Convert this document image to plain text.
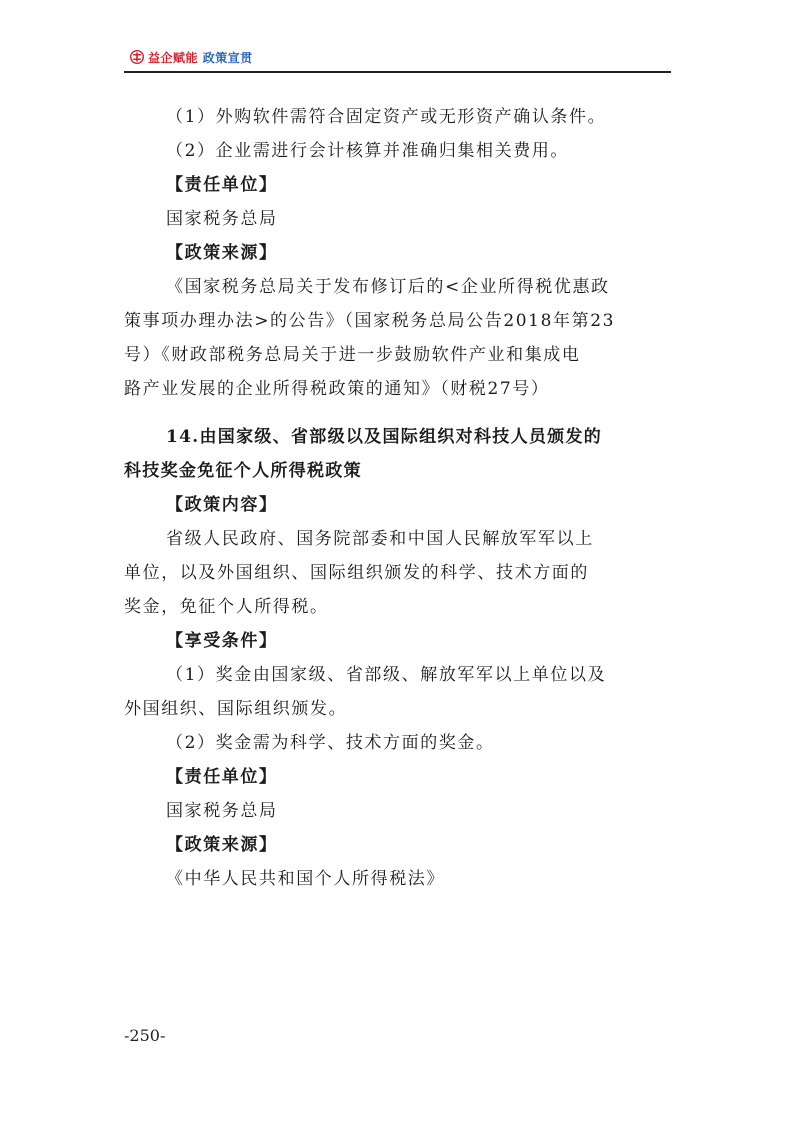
益企赋能 政策宣贯
（1）外购软件需符合固定资产或无形资产确认条件。
（2）企业需进行会计核算并准确归集相关费用。
【责任单位】
国家税务总局
【政策来源】
《国家税务总局关于发布修订后的<企业所得税优惠政
策事项办理办法>的公告》（国家税务总局公告2018年第23
号）《财政部税务总局关于进一步鼓励软件产业和集成电
路产业发展的企业所得税政策的通知》（财税27号）
14.由国家级、省部级以及国际组织对科技人员颁发的
科技奖金免征个人所得税政策
【政策内容】
省级人民政府、国务院部委和中国人民解放军军以上
单位，以及外国组织、国际组织颁发的科学、技术方面的
奖金，免征个人所得税。
【享受条件】
（1）奖金由国家级、省部级、解放军军以上单位以及
外国组织、国际组织颁发。
（2）奖金需为科学、技术方面的奖金。
【责任单位】
国家税务总局
【政策来源】
《中华人民共和国个人所得税法》
-250-
